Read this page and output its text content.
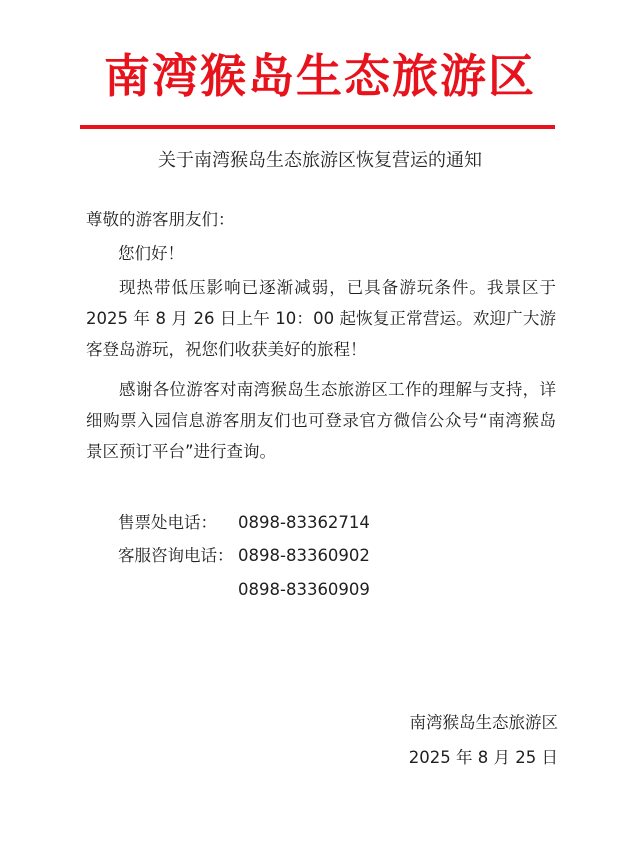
南湾猴岛生态旅游区
关于南湾猴岛生态旅游区恢复营运的通知
尊敬的游客朋友们：
您们好！
现热带低压影响已逐渐减弱，已具备游玩条件。我景区于 2025 年 8 月 26 日上午 10：00 起恢复正常营运。欢迎广大游客登岛游玩，祝您们收获美好的旅程！
感谢各位游客对南湾猴岛生态旅游区工作的理解与支持，详细购票入园信息游客朋友们也可登录官方微信公众号“南湾猴岛景区预订平台”进行查询。
售票处电话： 0898-83362714
客服咨询电话： 0898-83360902
0898-83360909
南湾猴岛生态旅游区
2025 年 8 月 25 日
